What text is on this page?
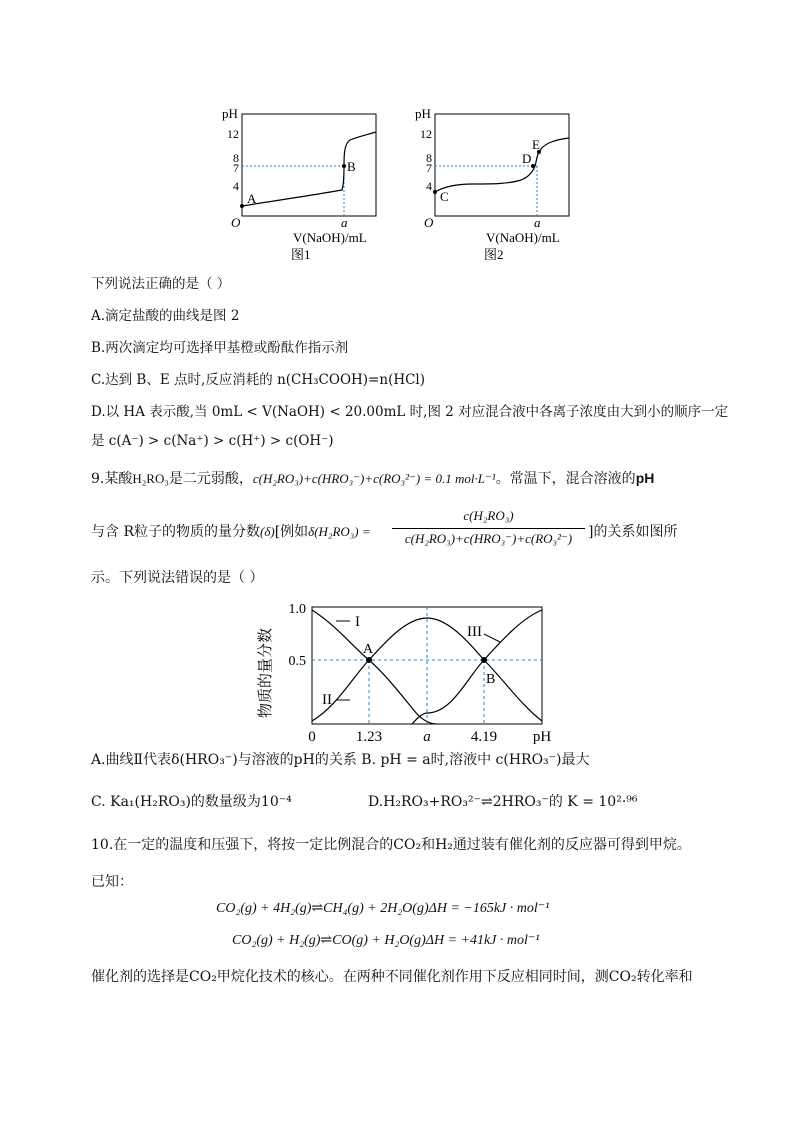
pH
12
8
7
4
A
B
O	a
V(NaOH)/mL
图1
pH
12
8
7
4
C
D
E
O	a
V(NaOH)/mL
图2
下列说法正确的是（ ）
A.滴定盐酸的曲线是图 2
B.两次滴定均可选择甲基橙或酚酞作指示剂
C.达到 B、E 点时,反应消耗的 n(CH₃COOH)=n(HCl)
D.以 HA 表示酸,当 0mL < V(NaOH) < 20.00mL 时,图 2 对应混合液中各离子浓度由大到小的顺序一定
是 c(A⁻) > c(Na⁺) > c(H⁺) > c(OH⁻)
9.某酸H₂RO₃是二元弱酸，c(H₂RO₃)+c(HRO₃⁻)+c(RO₃²⁻) = 0.1 mol·L⁻¹。常温下，混合溶液的pH
与含 R粒子的物质的量分数(δ)[例如δ(H₂RO₃) =
c(H₂RO₃)
c(H₂RO₃)+c(HRO₃⁻)+c(RO₃²⁻)	]的关系如图所
示。下列说法错误的是（ ）
物质的量分数
1.0
0.5
I
II
III
A
B
0	1.23	a	4.19 pH
A.曲线Ⅱ代表δ(HRO₃⁻)与溶液的pH的关系 B. pH = a时,溶液中 c(HRO₃⁻)最大
C. Ka₁(H₂RO₃)的数量级为10⁻⁴	D.H₂RO₃+RO₃²⁻⇌2HRO₃⁻的 K = 10²·⁹⁶
10.在一定的温度和压强下，将按一定比例混合的CO₂和H₂通过装有催化剂的反应器可得到甲烷。
已知：
CO₂(g) + 4H₂(g)⇌CH₄(g) + 2H₂O(g)ΔH = −165kJ · mol⁻¹
CO₂(g) + H₂(g)⇌CO(g) + H₂O(g)ΔH = +41kJ · mol⁻¹
催化剂的选择是CO₂甲烷化技术的核心。在两种不同催化剂作用下反应相同时间，测CO₂转化率和
